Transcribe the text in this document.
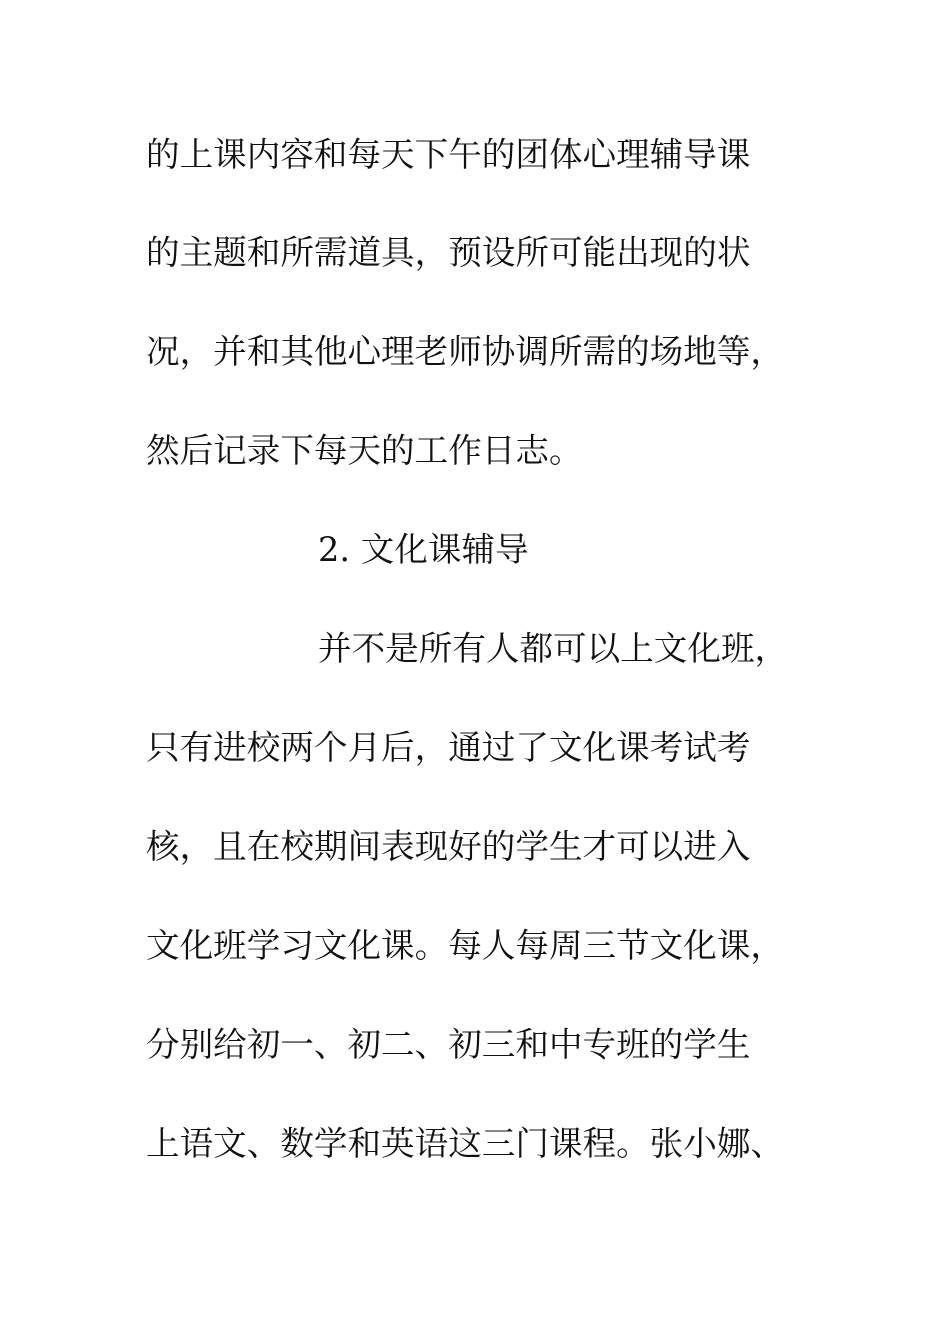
的上课内容和每天下午的团体心理辅导课

的主题和所需道具，预设所可能出现的状

况，并和其他心理老师协调所需的场地等，

然后记录下每天的工作日志。

2. 文化课辅导

并不是所有人都可以上文化班，

只有进校两个月后，通过了文化课考试考

核，且在校期间表现好的学生才可以进入

文化班学习文化课。每人每周三节文化课，

分别给初一、初二、初三和中专班的学生

上语文、数学和英语这三门课程。张小娜、
